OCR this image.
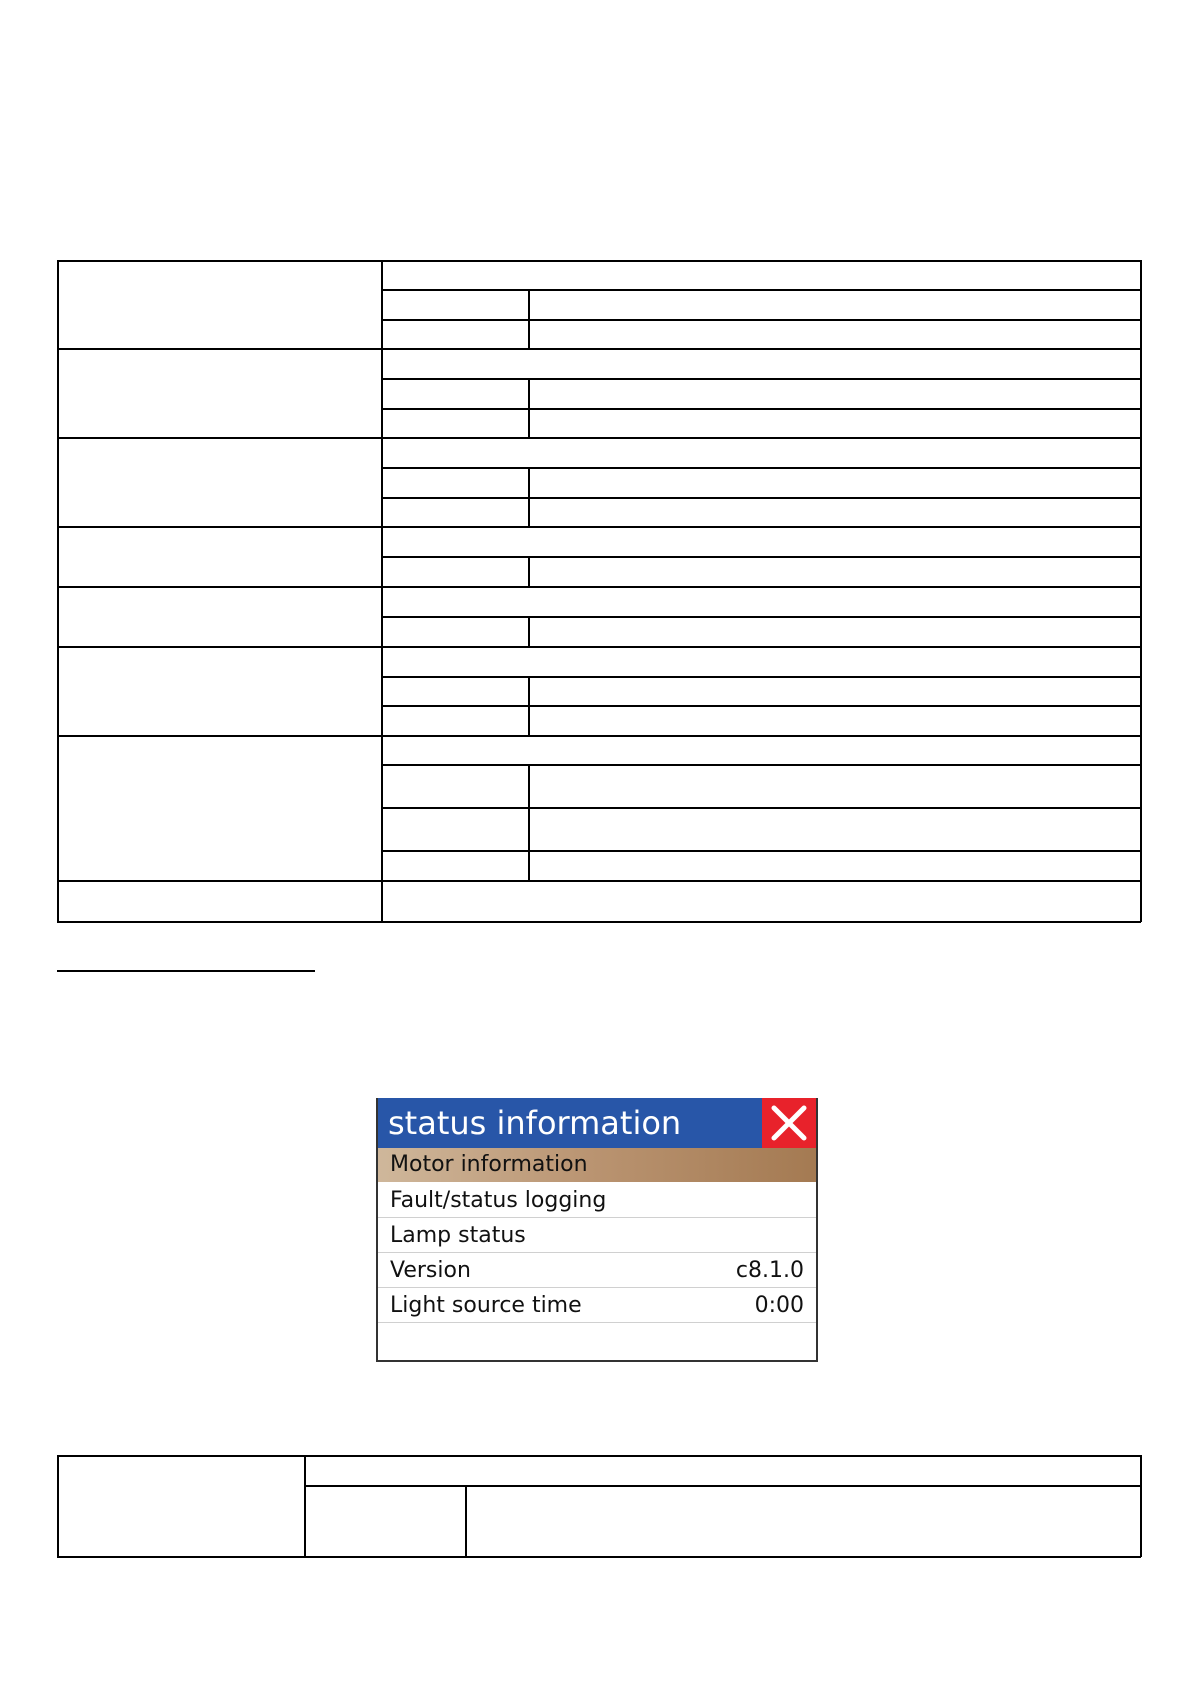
status information
Motor information
Fault/status logging
Lamp status
Version	c8.1.0
Light source time	0:00
